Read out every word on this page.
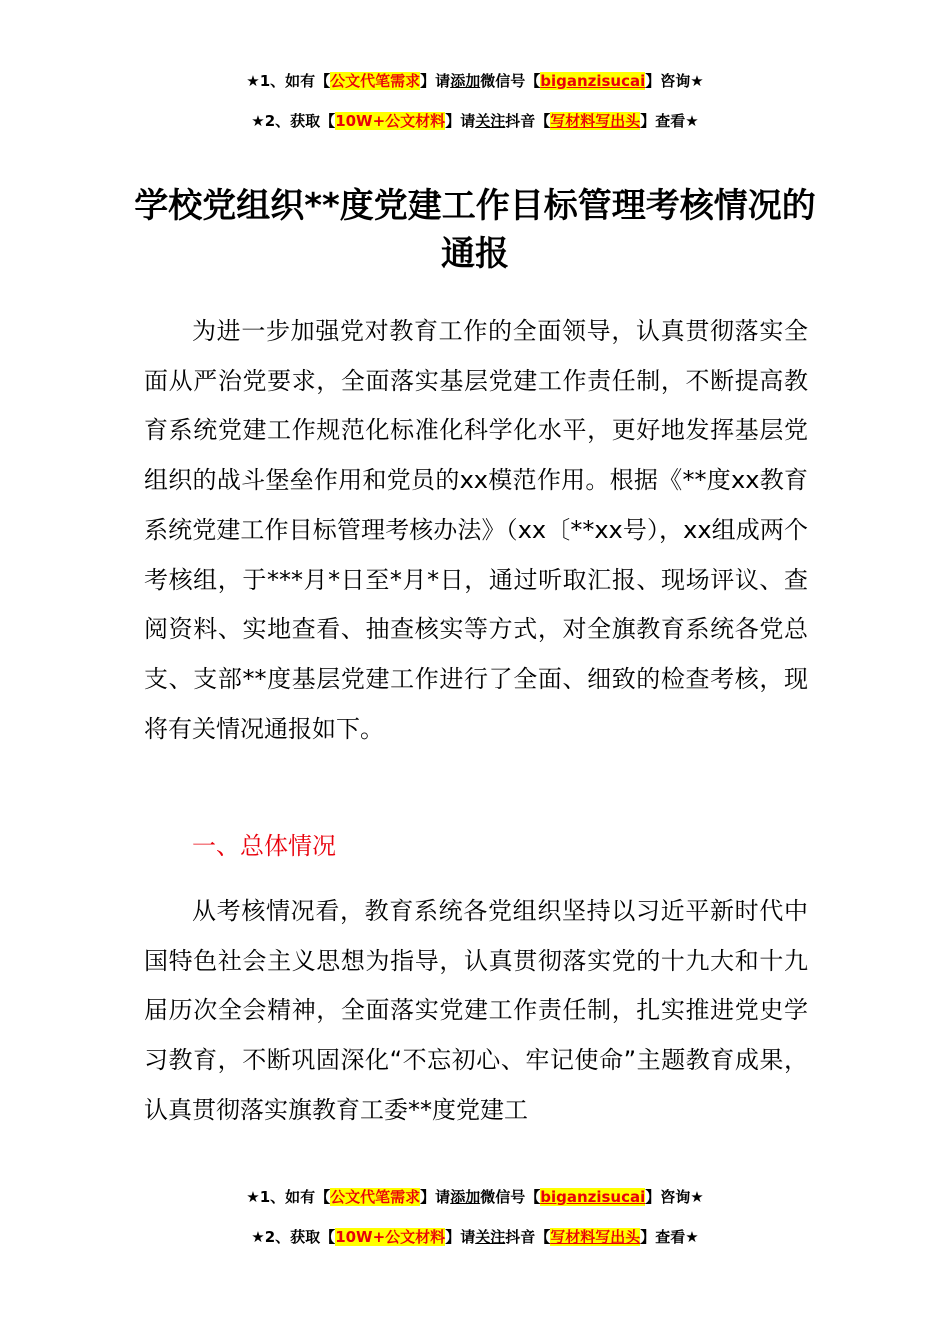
★1、如有【公文代笔需求】请添加微信号【biganzisucai】咨询★
★2、获取【10W+公文材料】请关注抖音【写材料写出头】查看★
学校党组织**度党建工作目标管理考核情况的通报

为进一步加强党对教育工作的全面领导，认真贯彻落实全面从严治党要求，全面落实基层党建工作责任制，不断提高教育系统党建工作规范化标准化科学化水平，更好地发挥基层党组织的战斗堡垒作用和党员的xx模范作用。根据《**度xx教育系统党建工作目标管理考核办法》（xx〔**xx号），xx组成两个考核组，于***月*日至*月*日，通过听取汇报、现场评议、查阅资料、实地查看、抽查核实等方式，对全旗教育系统各党总支、支部**度基层党建工作进行了全面、细致的检查考核，现将有关情况通报如下。

一、总体情况

从考核情况看，教育系统各党组织坚持以习近平新时代中国特色社会主义思想为指导，认真贯彻落实党的十九大和十九届历次全会精神，全面落实党建工作责任制，扎实推进党史学习教育，不断巩固深化“不忘初心、牢记使命”主题教育成果，认真贯彻落实旗教育工委**度党建工

★1、如有【公文代笔需求】请添加微信号【biganzisucai】咨询★
★2、获取【10W+公文材料】请关注抖音【写材料写出头】查看★
